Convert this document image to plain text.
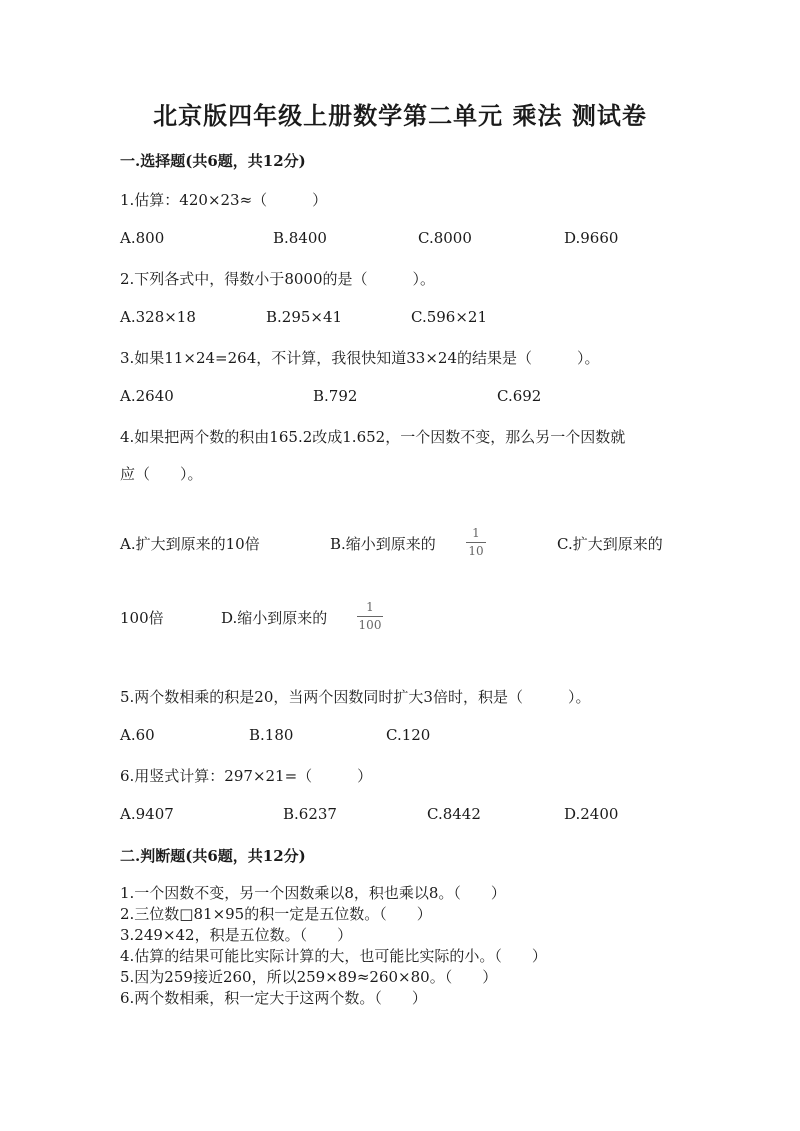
北京版四年级上册数学第二单元 乘法 测试卷
一.选择题(共6题，共12分)
1.估算：420×23≈（　　　）
A.800	B.8400	C.8000	D.9660
2.下列各式中，得数小于8000的是（　　　）。
A.328×18	B.295×41	C.596×21
3.如果11×24=264，不计算，我很快知道33×24的结果是（　　　）。
A.2640	B.792	C.692
4.如果把两个数的积由165.2改成1.652，一个因数不变，那么另一个因数就
应（　　）。
A.扩大到原来的10倍	B.缩小到原来的
1
10	C.扩大到原来的
100倍	D.缩小到原来的
1
100
5.两个数相乘的积是20，当两个因数同时扩大3倍时，积是（　　　）。
A.60	B.180	C.120
6.用竖式计算：297×21=（　　　）
A.9407	B.6237	C.8442	D.2400
二.判断题(共6题，共12分)
1.一个因数不变，另一个因数乘以8，积也乘以8。（　　）
2.三位数□81×95的积一定是五位数。（　　）
3.249×42，积是五位数。（　　）
4.估算的结果可能比实际计算的大，也可能比实际的小。（　　）
5.因为259接近260，所以259×89≈260×80。（　　）
6.两个数相乘，积一定大于这两个数。（　　）
